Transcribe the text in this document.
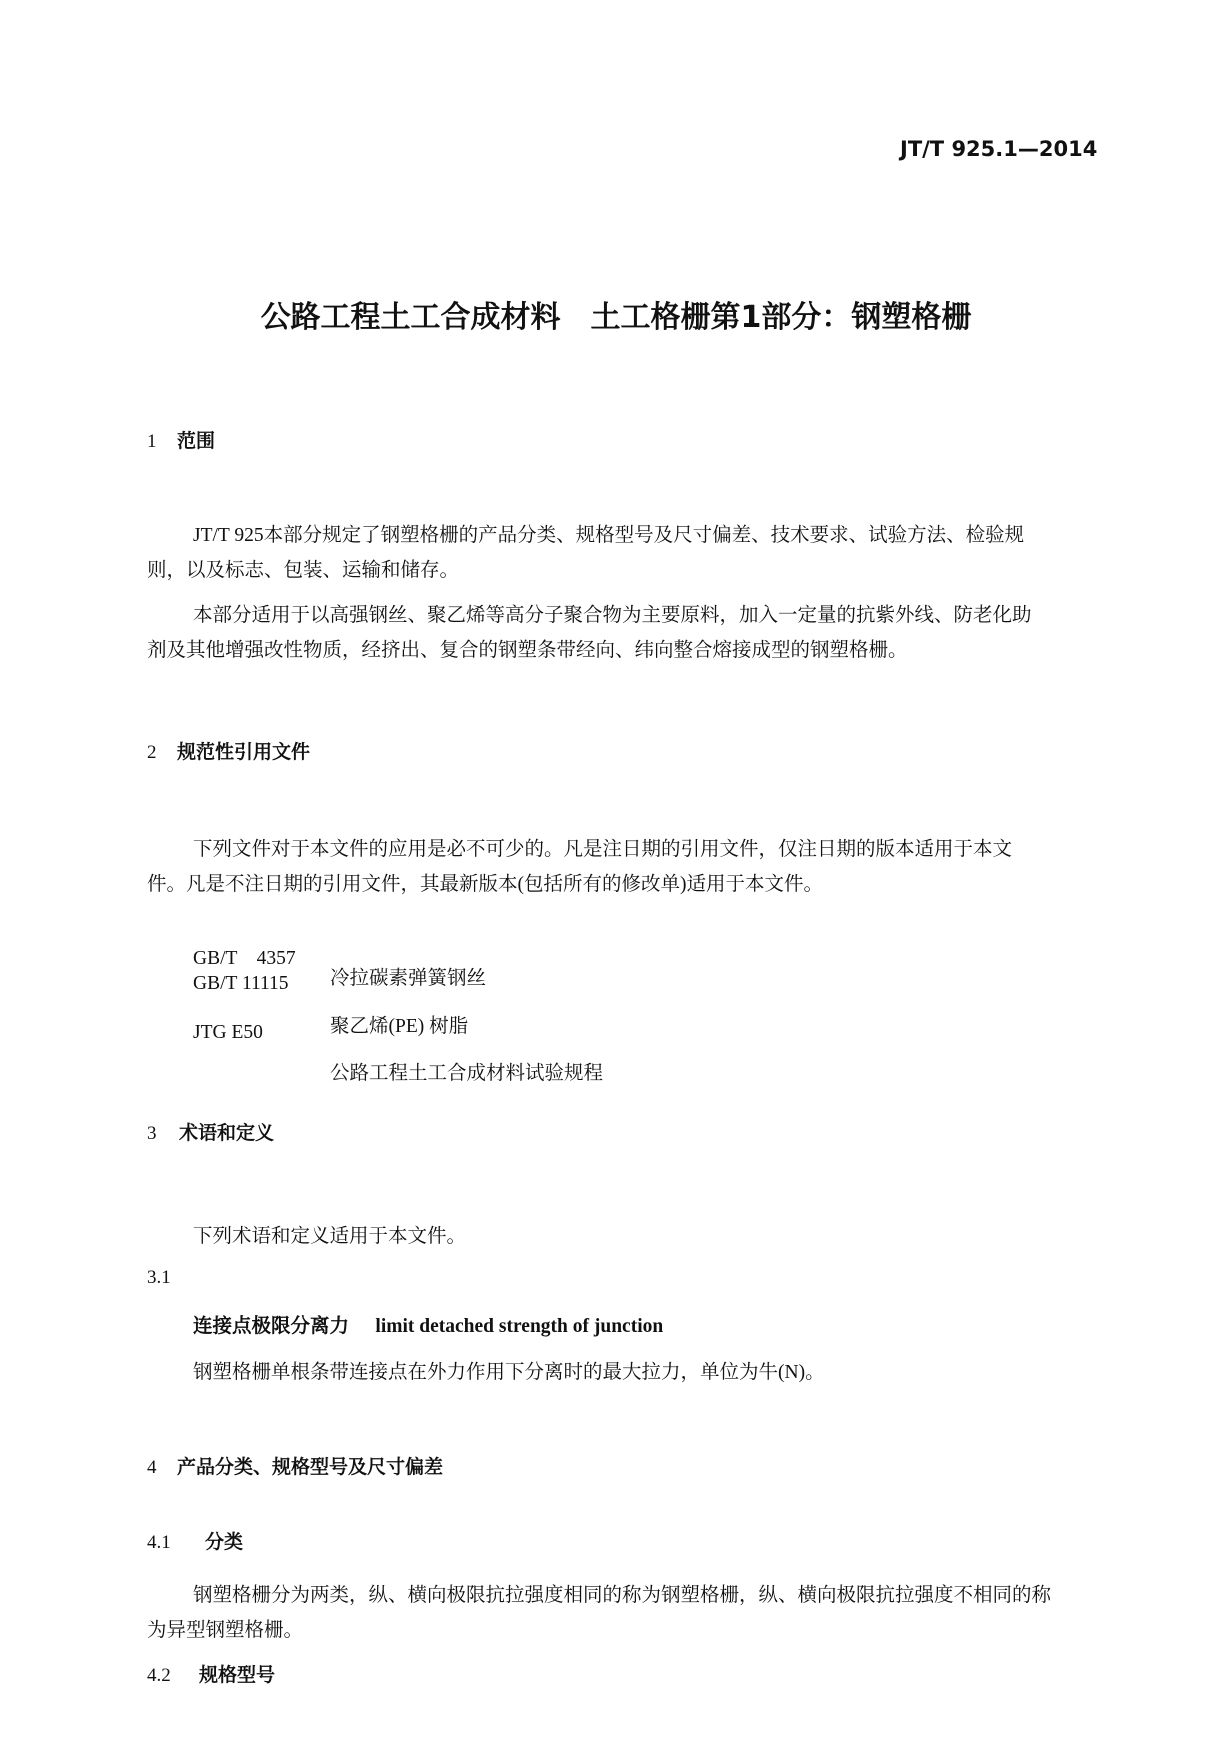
JT/T 925.1—2014
公路工程土工合成材料　土工格栅第1部分：钢塑格栅
1 范围
JT/T 925本部分规定了钢塑格栅的产品分类、规格型号及尺寸偏差、技术要求、试验方法、检验规
则，以及标志、包装、运输和储存。
本部分适用于以高强钢丝、聚乙烯等高分子聚合物为主要原料，加入一定量的抗紫外线、防老化助
剂及其他增强改性物质，经挤出、复合的钢塑条带经向、纬向整合熔接成型的钢塑格栅。
2 规范性引用文件
下列文件对于本文件的应用是必不可少的。凡是注日期的引用文件，仅注日期的版本适用于本文
件。凡是不注日期的引用文件，其最新版本(包括所有的修改单)适用于本文件。
GB/T　4357
GB/T 11115
JTG E50
冷拉碳素弹簧钢丝
聚乙烯(PE) 树脂
公路工程土工合成材料试验规程
3 术语和定义
下列术语和定义适用于本文件。
3.1
连接点极限分离力 limit detached strength of junction
钢塑格栅单根条带连接点在外力作用下分离时的最大拉力，单位为牛(N)。
4 产品分类、规格型号及尺寸偏差
4.1 分类
钢塑格栅分为两类，纵、横向极限抗拉强度相同的称为钢塑格栅，纵、横向极限抗拉强度不相同的称
为异型钢塑格栅。
4.2 规格型号
